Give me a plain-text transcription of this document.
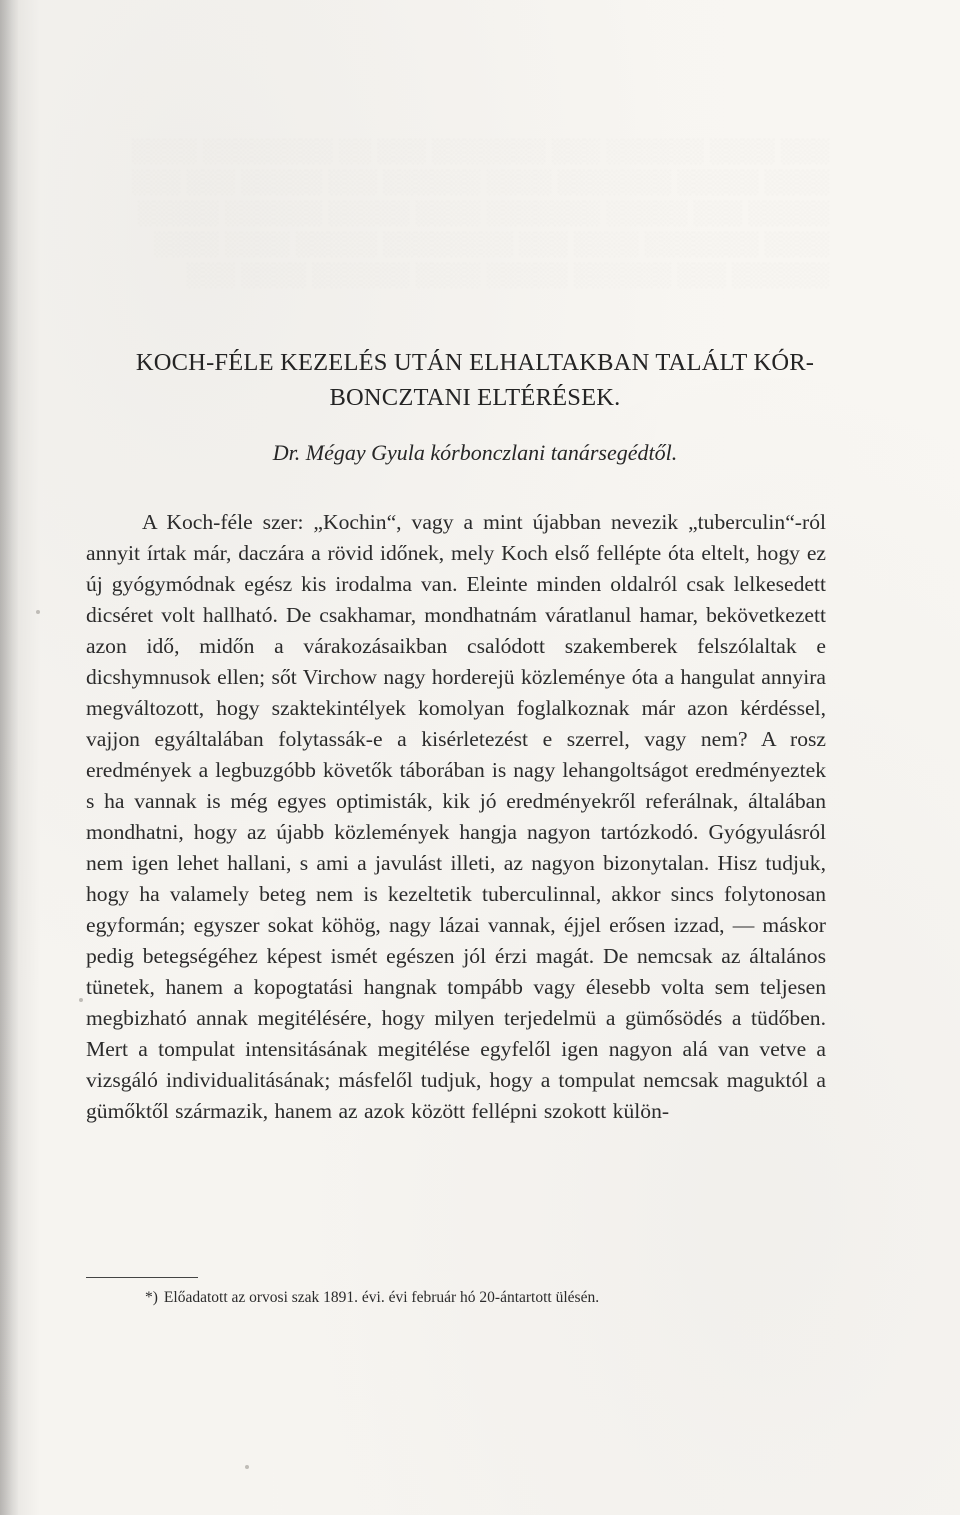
░░░ ░░░░ ░░░░░░ ░░░ ░░░░░░░ ░░░ ░░ ░░░░░░░░ ░░░░
░░░░ ░░░░░ ░░░░░░░ ░░░░ ░░░░░░ ░░░ ░░░░░ ░░░ ░░░
░░░░░ ░░░ ░░░░░ ░░░░░░░ ░░░░ ░░░░░ ░░░░░░ ░░░░░
░░░░ ░░░░░░░ ░░░░ ░░░ ░░░░░░░░ ░░░░░ ░░░░ ░░░░
░░░░░░ ░░░ ░░░░░░ ░░░░░ ░░░░ ░░░░░░ ░░░░ ░░░
KOCH-FÉLE KEZELÉS UTÁN ELHALTAKBAN TALÁLT KÓR-
BONCZTANI ELTÉRÉSEK.
Dr. Mégay Gyula kórbonczlani tanársegédtől.

A Koch-féle szer: „Kochin“, vagy a mint újabban nevezik „tuberculin“-ról annyit írtak már, daczára a rövid időnek, mely Koch első fellépte óta eltelt, hogy ez új gyógymódnak egész kis irodalma van. Eleinte minden oldalról csak lelkesedett dicséret volt hallható. De csakhamar, mondhatnám váratlanul hamar, bekövetkezett azon idő, midőn a várakozásaikban csalódott szakemberek felszólaltak e dicshymnusok ellen; sőt Virchow nagy horderejü közleménye óta a hangulat annyira megváltozott, hogy szaktekintélyek komolyan foglalkoznak már azon kérdéssel, vajjon egyáltalában folytassák-e a kisérletezést e szerrel, vagy nem? A rosz eredmények a legbuzgóbb követők táborában is nagy lehangoltságot eredményeztek s ha vannak is még egyes optimisták, kik jó eredményekről referálnak, általában mondhatni, hogy az újabb közlemények hangja nagyon tartózkodó. Gyógyulásról nem igen lehet hallani, s ami a javulást illeti, az nagyon bizonytalan. Hisz tudjuk, hogy ha valamely beteg nem is kezeltetik tuberculinnal, akkor sincs folytonosan egyformán; egyszer sokat köhög, nagy lázai vannak, éjjel erősen izzad, — máskor pedig betegségéhez képest ismét egészen jól érzi magát. De nemcsak az általános tünetek, hanem a kopogtatási hangnak tompább vagy élesebb volta sem teljesen megbizható annak megitélésére, hogy milyen terjedelmü a gümősödés a tüdőben. Mert a tompulat intensitásának megitélése egyfelől igen nagyon alá van vetve a vizsgáló individualitásának; másfelől tudjuk, hogy a tompulat nemcsak maguktól a gümőktől származik, hanem az azok között fellépni szokott külön-

*) Előadatott az orvosi szak 1891. évi. évi február hó 20-ántartott ülésén.
